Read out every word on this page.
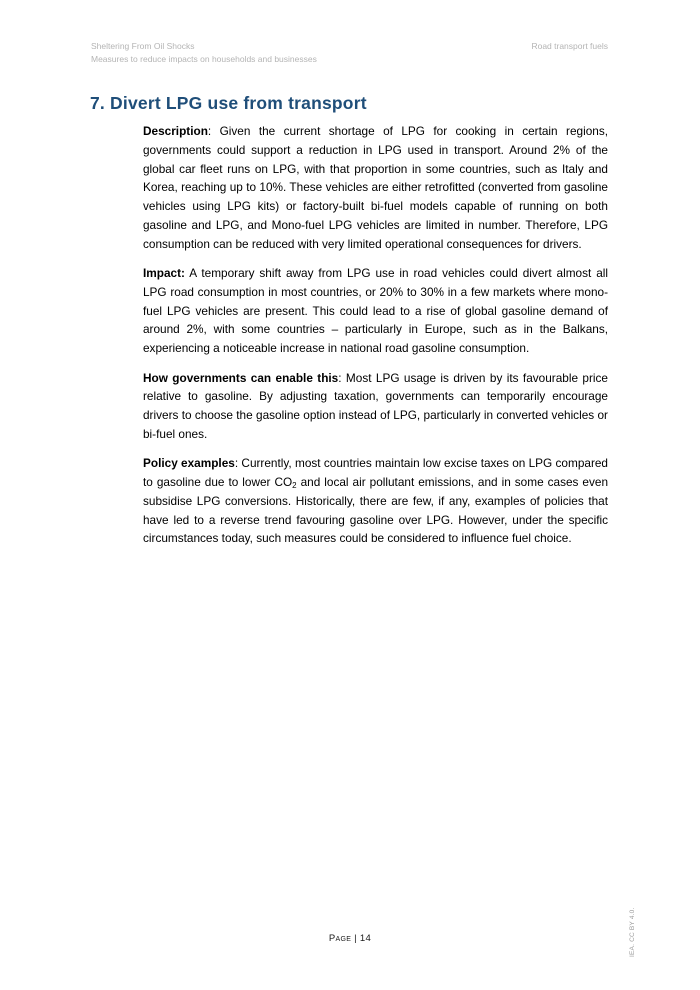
Sheltering From Oil Shocks
Measures to reduce impacts on households and businesses
Road transport fuels
7. Divert LPG use from transport

Description: Given the current shortage of LPG for cooking in certain regions, governments could support a reduction in LPG used in transport. Around 2% of the global car fleet runs on LPG, with that proportion in some countries, such as Italy and Korea, reaching up to 10%. These vehicles are either retrofitted (converted from gasoline vehicles using LPG kits) or factory-built bi-fuel models capable of running on both gasoline and LPG, and Mono-fuel LPG vehicles are limited in number. Therefore, LPG consumption can be reduced with very limited operational consequences for drivers.

Impact: A temporary shift away from LPG use in road vehicles could divert almost all LPG road consumption in most countries, or 20% to 30% in a few markets where mono-fuel LPG vehicles are present. This could lead to a rise of global gasoline demand of around 2%, with some countries – particularly in Europe, such as in the Balkans, experiencing a noticeable increase in national road gasoline consumption.

How governments can enable this: Most LPG usage is driven by its favourable price relative to gasoline. By adjusting taxation, governments can temporarily encourage drivers to choose the gasoline option instead of LPG, particularly in converted vehicles or bi-fuel ones.

Policy examples: Currently, most countries maintain low excise taxes on LPG compared to gasoline due to lower $CO_2$ and local air pollutant emissions, and in some cases even subsidise LPG conversions. Historically, there are few, if any, examples of policies that have led to a reverse trend favouring gasoline over LPG. However, under the specific circumstances today, such measures could be considered to influence fuel choice.

Page | 14	IEA. CC BY 4.0.
